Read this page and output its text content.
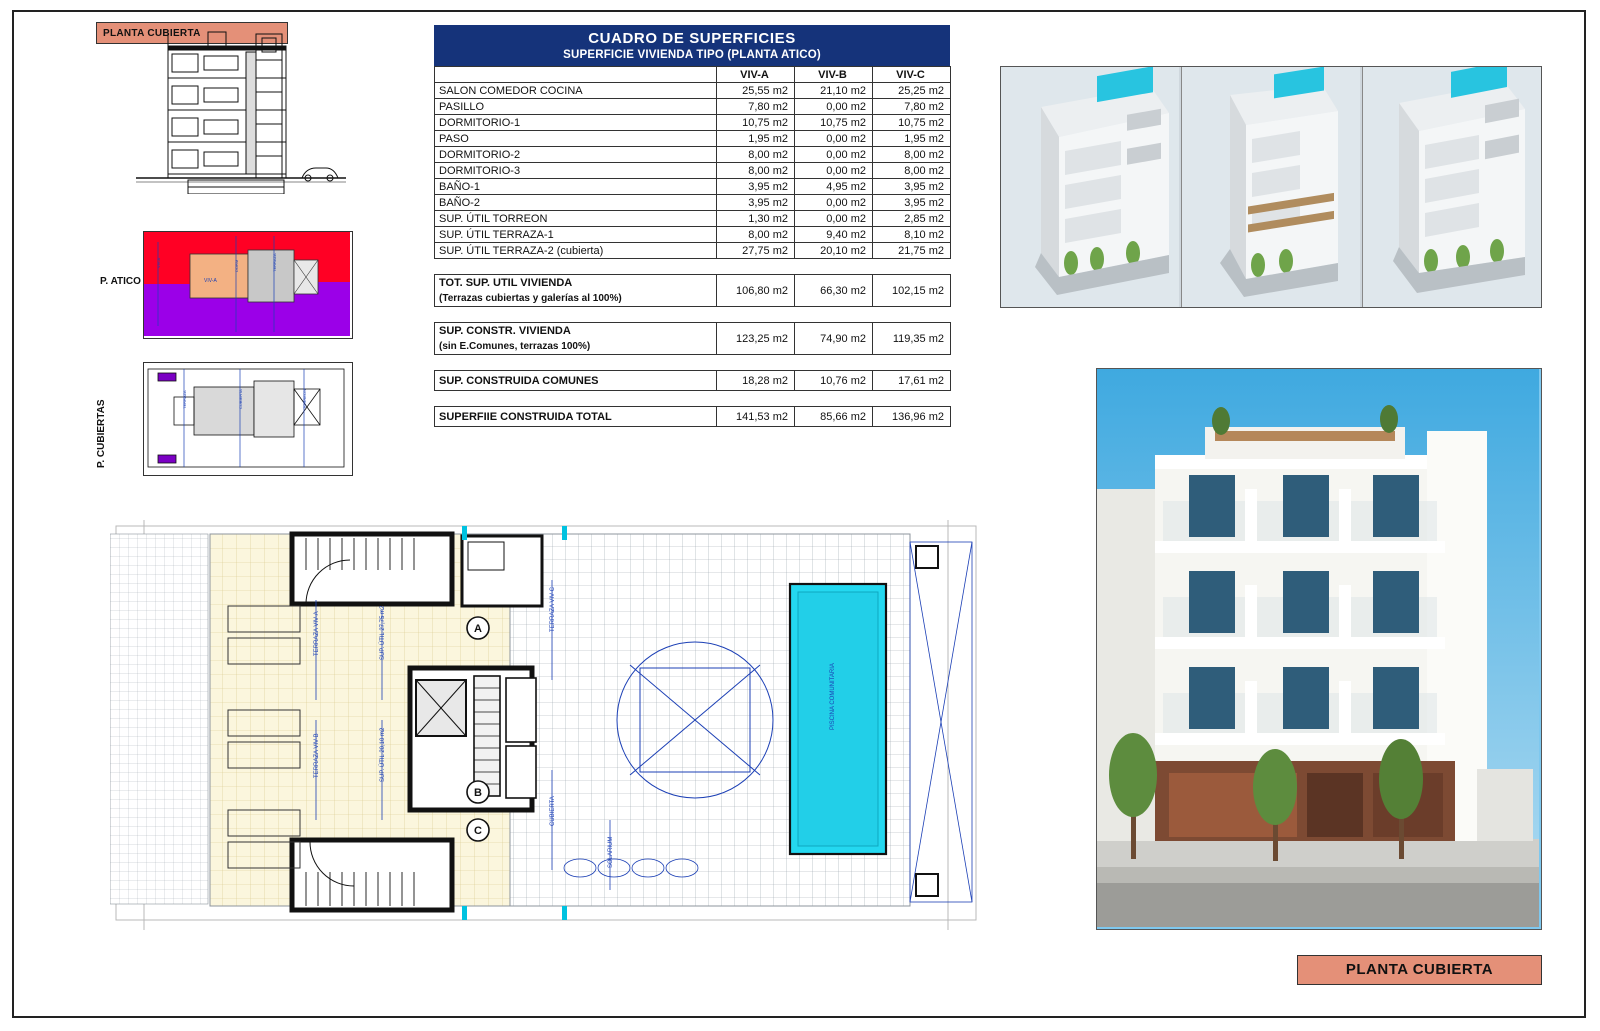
PLANTA CUBIERTA
P. ATICO
VIV-A
VIV-A
DORM	TERRAZA
P. CUBIERTAS
TERRAZA	CUBIERTA	TORREON
CUADRO DE SUPERFICIES
SUPERFICIE VIVIENDA TIPO (PLANTA ATICO)
	VIV-A	VIV-B	VIV-C
SALON COMEDOR COCINA	25,55 m2	21,10 m2	25,25 m2
PASILLO	7,80 m2	0,00 m2	7,80 m2
DORMITORIO-1	10,75 m2	10,75 m2	10,75 m2
PASO	1,95 m2	0,00 m2	1,95 m2
DORMITORIO-2	8,00 m2	0,00 m2	8,00 m2
DORMITORIO-3	8,00 m2	0,00 m2	8,00 m2
BAÑO-1	3,95 m2	4,95 m2	3,95 m2
BAÑO-2	3,95 m2	0,00 m2	3,95 m2
SUP. ÚTIL TORREON	1,30 m2	0,00 m2	2,85 m2
SUP. ÚTIL TERRAZA-1	8,00 m2	9,40 m2	8,10 m2
SUP. ÚTIL TERRAZA-2 (cubierta)	27,75 m2	20,10 m2	21,75 m2

TOT. SUP. UTIL VIVIENDA	106,80 m2	66,30 m2	102,15 m2
(Terrazas cubiertas y galerías al 100%)			

SUP. CONSTR. VIVIENDA	123,25 m2	74,90 m2	119,35 m2
(sin E.Comunes, terrazas 100%)			

SUP. CONSTRUIDA COMUNES	18,28 m2	10,76 m2	17,61 m2

SUPERFIIE CONSTRUIDA TOTAL	141,53 m2	85,66 m2	136,96 m2
TERRAZA VIV-A	SUP. ÚTIL 27,75 m2
TERRAZA VIV-B	SUP. ÚTIL 20,10 m2
TERRAZA VIV-C
CUBIERTA
SOLARIUM
PISCINA COMUNITARIA
A
B
C
PLANTA CUBIERTA
